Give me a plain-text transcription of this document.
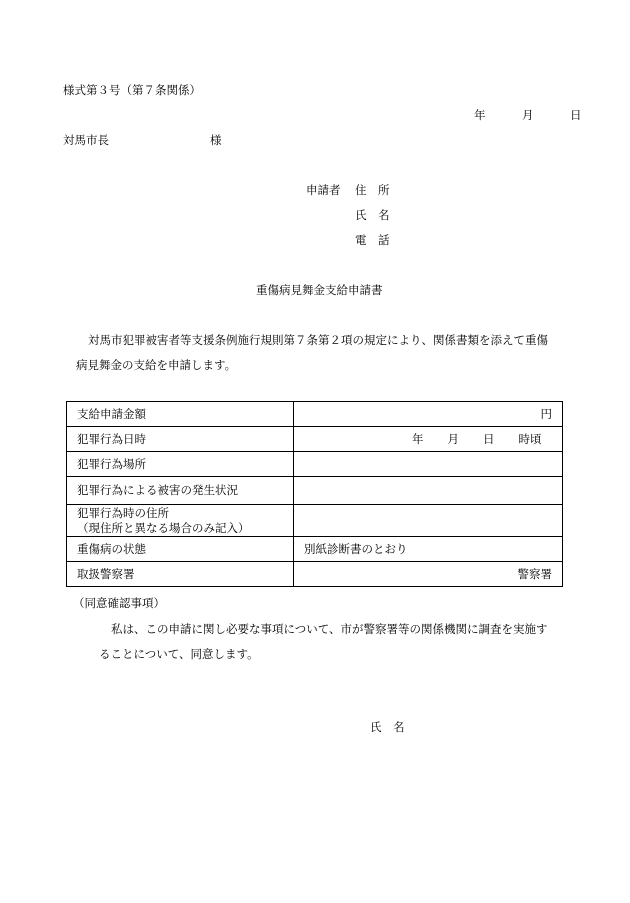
様式第３号（第７条関係）
年	月	日
対馬市長	様
申請者 住　所
氏　名
電　話
重傷病見舞金支給申請書
対馬市犯罪被害者等支援条例施行規則第７条第２項の規定により、関係書類を添えて重傷
病見舞金の支給を申請します。
支給申請金額	円
犯罪行為日時	年 月 日 時頃
犯罪行為場所	
犯罪行為による被害の発生状況	

犯罪行為時の住所
（現住所と異なる場合のみ記入）	

重傷病の状態	別紙診断書のとおり
取扱警察署	警察署
（同意確認事項）
私は、この申請に関し必要な事項について、市が警察署等の関係機関に調査を実施す
ることについて、同意します。
氏　名
